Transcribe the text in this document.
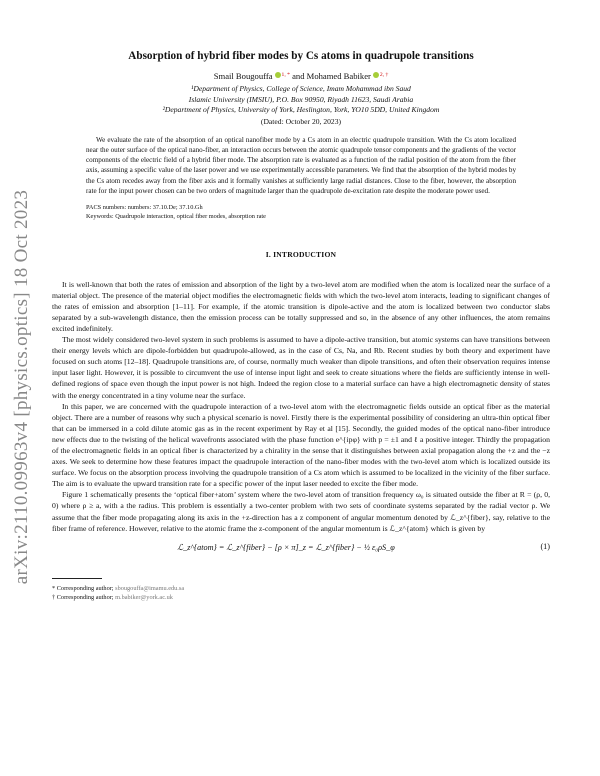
arXiv:2110.09963v4 [physics.optics] 18 Oct 2023
Absorption of hybrid fiber modes by Cs atoms in quadrupole transitions
Smail Bougouffa $^{1, *}$ and Mohamed Babiker $^{2, \dagger}$

¹Department of Physics, College of Science, Imam Mohammad ibn Saud

Islamic University (IMSIU), P.O. Box 90950, Riyadh 11623, Saudi Arabia

²Department of Physics, University of York, Heslington, York, YO10 5DD, United Kingdom

(Dated: October 20, 2023)

We evaluate the rate of the absorption of an optical nanofiber mode by a Cs atom in an electric quadrupole transition. With the Cs atom localized near the outer surface of the optical nano-fiber, an interaction occurs between the atomic quadrupole tensor components and the gradients of the vector components of the electric field of a hybrid fiber mode. The absorption rate is evaluated as a function of the radial position of the atom from the fiber axis, assuming a specific value of the laser power and we use experimentally accessible parameters. We find that the absorption of the hybrid modes by the Cs atom recedes away from the fiber axis and it formally vanishes at sufficiently large radial distances. Close to the fiber, however, the absorption rate for the input power chosen can be two orders of magnitude larger than the quadrupole de-excitation rate despite the moderate power used.

PACS numbers: numbers: 37.10.De; 37.10.Gh
Keywords: Quadrupole interaction, optical fiber modes, absorption rate
I. INTRODUCTION

It is well-known that both the rates of emission and absorption of the light by a two-level atom are modified when the atom is localized near the surface of a material object. The presence of the material object modifies the electromagnetic fields with which the two-level atom interacts, leading to significant changes of the rates of emission and absorption [1–11]. For example, if the atomic transition is dipole-active and the atom is localized between two conductor slabs separated by a sub-wavelength distance, then the emission process can be totally suppressed and so, in the absence of any other influences, the atom remains excited indefinitely.

The most widely considered two-level system in such problems is assumed to have a dipole-active transition, but atomic systems can have transitions between their energy levels which are dipole-forbidden but quadrupole-allowed, as in the case of Cs, Na, and Rb. Recent studies by both theory and experiment have focused on such atoms [12–18]. Quadrupole transitions are, of course, normally much weaker than dipole transitions, and often their observation requires intense input laser light. However, it is possible to circumvent the use of intense input light and seek to create situations where the fields are sufficiently intense in well-defined regions of space even though the input power is not high. Indeed the region close to a material surface can have a high electromagnetic density of states with the energy concentrated in a tiny volume near the surface.

In this paper, we are concerned with the quadrupole interaction of a two-level atom with the electromagnetic fields outside an optical fiber as the material object. There are a number of reasons why such a physical scenario is novel. Firstly there is the experimental possibility of considering an ultra-thin optical fiber that can be immersed in a cold dilute atomic gas as in the recent experiment by Ray et al [15]. Secondly, the guided modes of the optical nano-fiber introduce new effects due to the twisting of the helical wavefronts associated with the phase function e^{ipφ} with p = ±1 and ℓ a positive integer. Thirdly the propagation of the electromagnetic fields in an optical fiber is characterized by a chirality in the sense that it distinguishes between axial propagation along the +z and the −z axes. We seek to determine how these features impact the quadrupole interaction of the nano-fiber modes with the two-level atom which is localized outside its surface. We focus on the absorption process involving the quadrupole transition of a Cs atom which is assumed to be localized in the vicinity of the fiber surface. The aim is to evaluate the upward transition rate for a specific power of the input laser needed to excite the fiber mode.

Figure 1 schematically presents the ‘optical fiber+atom’ system where the two-level atom of transition frequency ω₀ is situated outside the fiber at R = (ρ, 0, 0) where ρ ≥ a, with a the radius. This problem is essentially a two-center problem with two sets of coordinate systems separated by the radial vector ρ. We assume that the fiber mode propagating along its axis in the +z-direction has a z component of angular momentum denoted by ℒ_z^{fiber}, say, relative to the fiber frame of reference. However, relative to the atomic frame the z-component of the angular momentum is ℒ_z^{atom} which is given by

ℒ_z^{atom} = ℒ_z^{fiber} − [ρ × π]_z = ℒ_z^{fiber} − ½ ε₀ρS_φ	(1)
* Corresponding author; sbougouffa@imamu.edu.sa
† Corresponding author; m.babiker@york.ac.uk
